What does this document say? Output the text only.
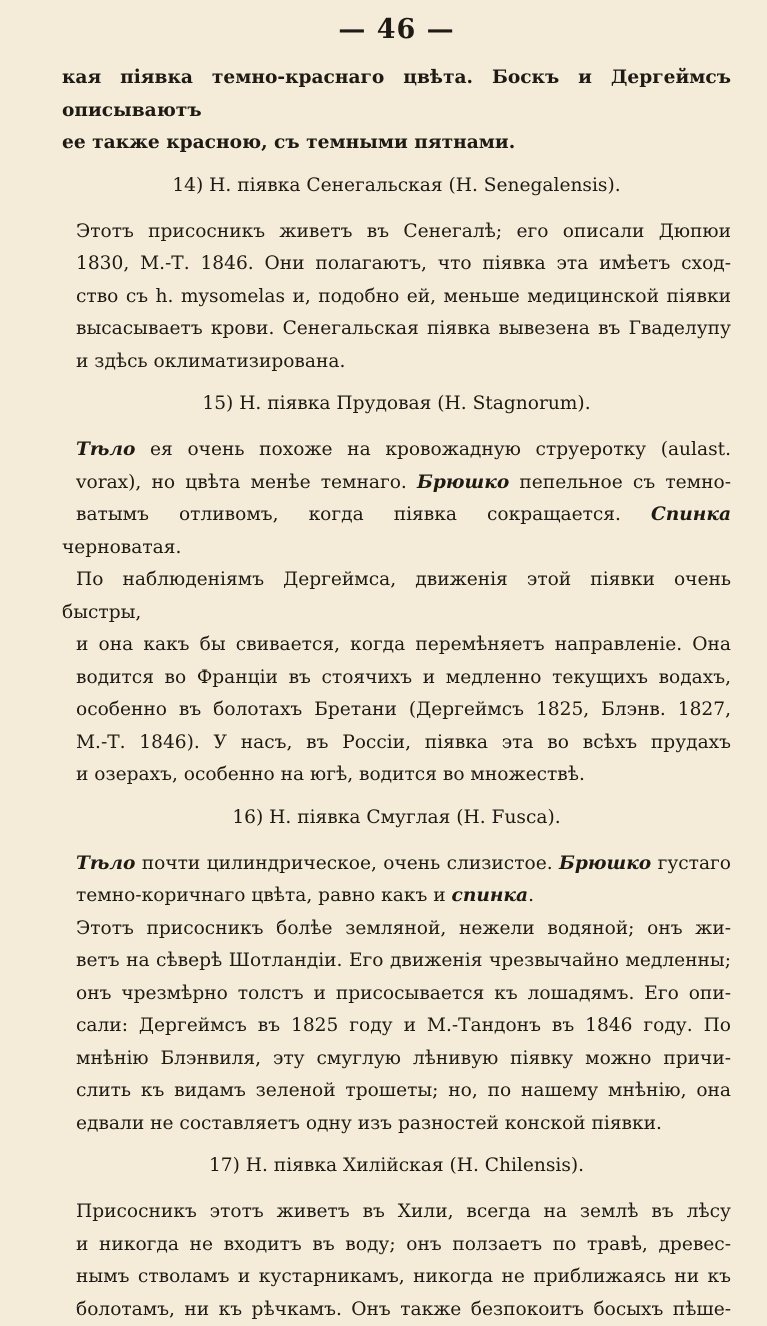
— 46 —

кая піявка темно-краснаго цвѣта. Боскъ и Дергеймсъ описываютъ
ее также красною, съ темными пятнами.

14) Н. піявка Сенегальская (Н. Senegalensis).

Этотъ присосникъ живетъ въ Сенегалѣ; его описали Дюпюи
1830, М.-Т. 1846. Они полагаютъ, что піявка эта имѣетъ сход-
ство съ h. mysomelas и, подобно ей, меньше медицинской піявки
высасываетъ крови. Сенегальская піявка вывезена въ Гваделупу
и здѣсь оклиматизирована.

15) Н. піявка Прудовая (Н. Stagnorum).

Тѣло ея очень похоже на кровожадную струеротку (aulast.
vorax), но цвѣта менѣе темнаго. Брюшко пепельное съ темно-
ватымъ отливомъ, когда піявка сокращается. Спинка черноватая.
По наблюденіямъ Дергеймса, движенія этой піявки очень быстры,
и она какъ бы свивается, когда перемѣняетъ направленіе. Она
водится во Франціи въ стоячихъ и медленно текущихъ водахъ,
особенно въ болотахъ Бретани (Дергеймсъ 1825, Блэнв. 1827,
М.-Т. 1846). У насъ, въ Россіи, піявка эта во всѣхъ прудахъ
и озерахъ, особенно на югѣ, водится во множествѣ.

16) Н. піявка Смуглая (Н. Fusca).

Тѣло почти цилиндрическое, очень слизистое. Брюшко густаго
темно-коричнаго цвѣта, равно какъ и спинка.

Этотъ присосникъ болѣе земляной, нежели водяной; онъ жи-
ветъ на сѣверѣ Шотландіи. Его движенія чрезвычайно медленны;
онъ чрезмѣрно толстъ и присосывается къ лошадямъ. Его опи-
сали: Дергеймсъ въ 1825 году и М.-Тандонъ въ 1846 году. По
мнѣнію Блэнвиля, эту смуглую лѣнивую піявку можно причи-
слить къ видамъ зеленой трошеты; но, по нашему мнѣнію, она
едвали не составляетъ одну изъ разностей конской піявки.

17) Н. піявка Хилійская (Н. Chilensis).

Присосникъ этотъ живетъ въ Хили, всегда на землѣ въ лѣсу
и никогда не входитъ въ воду; онъ ползаетъ по травѣ, древес-
нымъ стволамъ и кустарникамъ, никогда не приближаясь ни къ
болотамъ, ни къ рѣчкамъ. Онъ также безпокоитъ босыхъ пѣше-
